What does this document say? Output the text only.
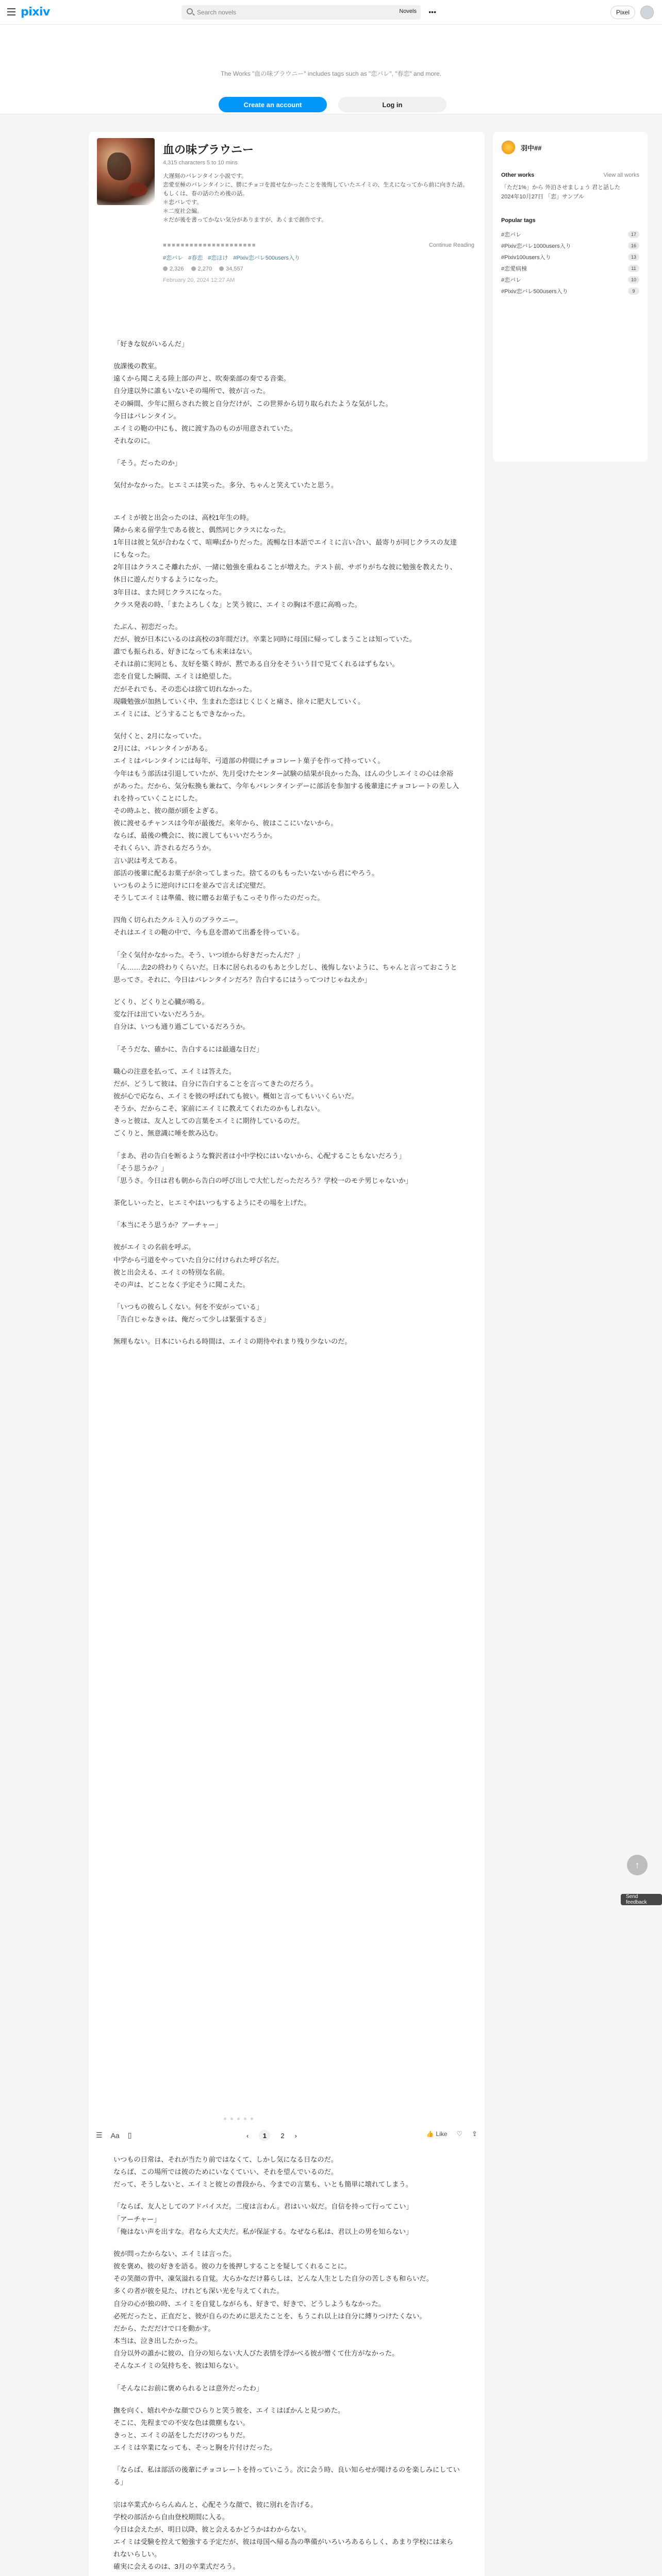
pixiv	Search novels	Novels •••	Pixel
The Works "血の味ブラウニー" includes tags such as "恋バレ", "春恋" and more.
Create an account	Log in
血の味ブラウニー
4,315 characters 5 to 10 mins

大遅刻のバレンタイン小説です。

恋愛至極のバレンタインに、勝にチョコを渡せなかったことを後悔していたエイミの、生えになってから前に向きた話。

もしくは、春の話のため後の話。

＊恋バレです。

＊二度社会編。

＊だが後を書ってかない気分がありますが、あくまで創作です。

■■■■■■■■■■■■■■■■■■■■■	Continue Reading
#恋バレ #春恋 #恋ほけ #Pixiv恋バレ500users入り
2,326	2,270	34,557
February 20, 2024 12:27 AM

「好きな奴がいるんだ」

放課後の教室。

遠くから聞こえる陸上部の声と、吹奏楽部の奏でる音楽。

自分達以外に誰もいないその場所で、彼が言った。

その瞬間、少年に照らされた彼と自分だけが、この世界から切り取られたような気がした。

今日はバレンタイン。

エイミの鞄の中にも、彼に渡す為のものが用意されていた。

それなのに。

「そう。だったのか」

気付かなかった。ヒエミエは笑った。多分、ちゃんと笑えていたと思う。

エイミが彼と出会ったのは、高校1年生の時。

隣から来る留学生である彼と、偶然同じクラスになった。

1年目は彼と気が合わなくて、喧嘩ばかりだった。流暢な日本語でエイミに言い合い、最寄りが同じクラスの友達にもなった。

2年目はクラスこそ離れたが、一緒に勉強を重ねることが増えた。テスト前、サボりがちな彼に勉強を教えたり、休日に遊んだりするようになった。

3年目は、また同じクラスになった。

クラス発表の時、「またよろしくな」と笑う彼に、エイミの胸は不意に高鳴った。

たぶん、初恋だった。

だが、彼が日本にいるのは高校の3年間だけ。卒業と同時に母国に帰ってしまうことは知っていた。

誰でも振られる、好きになっても未来はない。

それは前に実同とも、友好を築く時が、黙である自分をそういう目で見てくれるはずもない。

恋を自覚した瞬間、エイミは絶望した。

だがそれでも、その恋心は捨て切れなかった。

現職勉強が加熱していく中、生まれた恋はじくじくと痛さ、徐々に肥大していく。

エイミには、どうすることもできなかった。

気付くと、2月になっていた。

2月には、バレンタインがある。

エイミはバレンタインには毎年、弓道部の仲間にチョコレート菓子を作って持っていく。

今年はもう部活は引退していたが、先月受けたセンター試験の結果が良かった為、ほんの少しエイミの心は余裕があった。だから、気分転換も兼ねて、今年もバレンタインデーに部活を参加する後輩達にチョコレートの差し入れを持っていくことにした。

その時ふと、彼の顔が頭をよぎる。

彼に渡せるチャンスは今年が最後だ。来年から、彼はここにいないから。

ならば、最後の機会に、彼に渡してもいいだろうか。

それくらい、許されるだろうか。

言い訳は考えてある。

部活の後輩に配るお菓子が余ってしまった。捨てるのももったいないから君にやろう。

いつものように逆向けに口を並みで言えば完璧だ。

そうしてエイミは準備、彼に贈るお菓子もこっそり作ったのだった。

四角く切られたクルミ入りのブラウニー。

それはエイミの鞄の中で、今も息を潜めて出番を待っている。

「全く気付かなかった。そう、いつ頃から好きだったんだ？」

「ん……去2の終わりくらいだ。日本に居られるのもあと少しだし、後悔しないように、ちゃんと言っておこうと思ってさ。それに、今日はバレンタインだろ？告白するにはうってつけじゃねえか」

どくり、どくりと心臓が鳴る。

変な汗は出ていないだろうか。

自分は、いつも通り過ごしているだろうか。

「そうだな、確かに、告白するには最適な日だ」

職心の注意を払って、エイミは答えた。

だが、どうして彼は、自分に告白することを言ってきたのだろう。

彼が心で応なら、エイミを彼の呼ばれても彼い。概如と言ってもいいくらいだ。

そうか、だからこそ、家前にエイミに教えてくれたのかもしれない。

きっと彼は、友人としての言葉をエイミに期待しているのだ。

ごくりと、無意識に唾を飲み込む。

「まあ、君の告白を断るような贅沢者は小中学校にはいないから、心配することもないだろう」

「そう思うか？」

「思うさ。今日は君も朝から告白の呼び出しで大忙しだっただろう？学校一のモテ男じゃないか」

茶化しいったと、ヒエミやはいつもするようにその場を上げた。

「本当にそう思うか？アーチャー」

彼がエイミの名前を呼ぶ。

中学から弓道をやっていた自分に付けられた呼び名だ。

彼と出会える、エイミの特別な名前。

その声は、どことなく予定そうに聞こえた。

「いつもの彼らしくない。何を不安がっている」

「告白じゃなきゃは、俺だって少しは緊張するさ」

無理もない。日本にいられる時間は、エイミの期待やれまり残り少ないのだ。

☰ Aa ▯	‹	1	2 ›	👍 Like ♡ ⇪

いつもの日常は、それが当たり前ではなくて、しかし気になる日なのだ。

ならば、この場所では彼のためにいなくていい、それを望んでいるのだ。

だって、そうしないと、エイミと彼との普段から、今までの言葉も、いとも簡単に壊れてしまう。

「ならば、友人としてのアドバイスだ。二度は言わん。君はいい奴だ。自信を持って行ってこい」

「アーチャー」

「俺はない声を出すな。君なら大丈夫だ。私が保証する。なぜなら私は、君以上の男を知らない」

彼が問ったからない、エイミは言った。

彼を褒め、彼の好きを語る。彼の力を後押しすることを疑してくれることに。

その笑顔の背中、凍気溢れる自覚。大らかなだけ暮らしは、どんな人生とした自分の苦しさも和らいだ。

多くの者が彼を見た、けれども深い光を与えてくれた。

自分の心が独の時、エイミを自覚しながらも、好きで、好きで、どうしようもなかった。

必死だったと、正直だと、彼が自らのために思えたことを、もうこれ以上は自分に縛りつけたくない。

だから、ただだけで口を動かす。

本当は、泣き出したかった。

自分以外の誰かに彼の、自分の知らない大人びた表情を浮かべる彼が憎くて仕方がなかった。

そんなエイミの気持ちを、彼は知らない。

「そんなにお前に褒められるとは意外だったわ」

撫を向く、嬉れやかな顔でひらりと笑う彼を、エイミはぼかんと見つめた。

そこに、先程までの不安な色は微塵もない。

きっと、エイミの話をしただけのつもりだ。

エイミは卒業になっても、そっと胸を片付けだった。

「ならば、私は部活の後輩にチョコレートを持っていこう。次に会う時、良い知らせが聞けるのを楽しみにしている」

宗は卒業式かららんぬんと、心配そうな顔で、彼に別れを告げる。

学校の部活から自由登校期間に入る。

今日は会えたが、明日以降、彼と会えるかどうかはわからない。

エイミは受験を控えて勉強する予定だが、彼は母国へ帰る為の準備がいろいろあるらしく、あまり学校には来られないらしい。

確実に会えるのは、3月の卒業式だろう。

羽中##
Other works	View all works
「ただ1%」から 外泊させましょう 君と話した
2024年10月27日 「恋」サンプル
Popular tags
#恋バレ	17
#Pixiv恋バレ1000users入り	16
#Pixiv100users入り	13
#恋愛病棟	11
#恋バレ	10
#Pixiv恋バレ500users入り	9
↑
Send feedback
